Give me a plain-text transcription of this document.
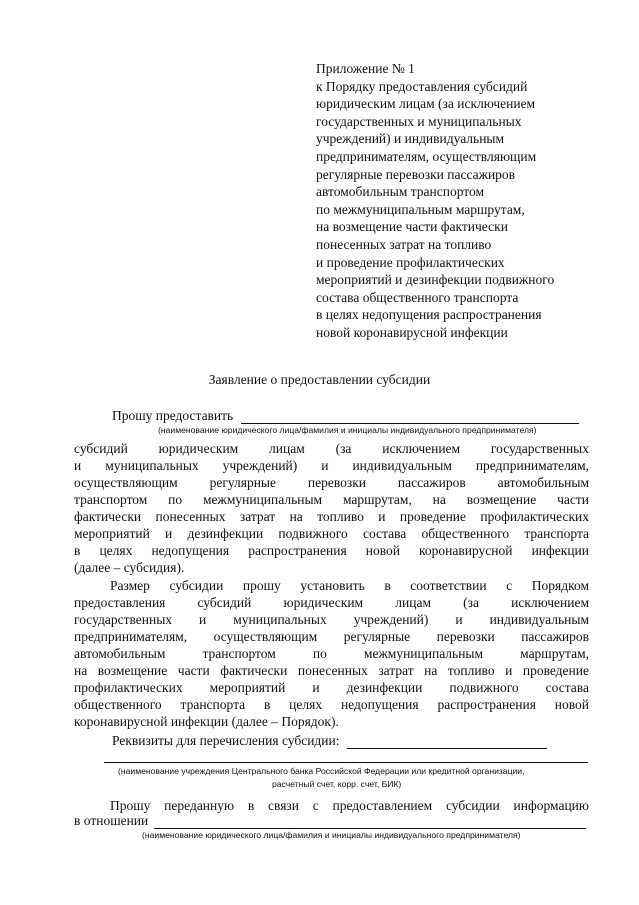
Приложение № 1
к Порядку предоставления субсидий
юридическим лицам (за исключением
государственных и муниципальных
учреждений) и индивидуальным
предпринимателям, осуществляющим
регулярные перевозки пассажиров
автомобильным транспортом
по межмуниципальным маршрутам,
на возмещение части фактически
понесенных затрат на топливо
и проведение профилактических
мероприятий и дезинфекции подвижного
состава общественного транспорта
в целях недопущения распространения
новой коронавирусной инфекции
Заявление о предоставлении субсидии
Прошу предоставить
(наименование юридического лица/фамилия и инициалы индивидуального предпринимателя)
субсидий юридическим лицам (за исключением государственных
и муниципальных учреждений) и индивидуальным предпринимателям,
осуществляющим регулярные перевозки пассажиров автомобильным
транспортом по межмуниципальным маршрутам, на возмещение части
фактически понесенных затрат на топливо и проведение профилактических
мероприятий и дезинфекции подвижного состава общественного транспорта
в целях недопущения распространения новой коронавирусной инфекции
(далее – субсидия).
Размер субсидии прошу установить в соответствии с Порядком
предоставления субсидий юридическим лицам (за исключением
государственных и муниципальных учреждений) и индивидуальным
предпринимателям, осуществляющим регулярные перевозки пассажиров
автомобильным транспортом по межмуниципальным маршрутам,
на возмещение части фактически понесенных затрат на топливо и проведение
профилактических мероприятий и дезинфекции подвижного состава
общественного транспорта в целях недопущения распространения новой
коронавирусной инфекции (далее – Порядок).
Реквизиты для перечисления субсидии:
(наименование учреждения Центрального банка Российской Федерации или кредитной организации,
расчетный счет, корр. счет, БИК)
Прошу переданную в связи с предоставлением субсидии информацию
в отношении
(наименование юридического лица/фамилия и инициалы индивидуального предпринимателя)
